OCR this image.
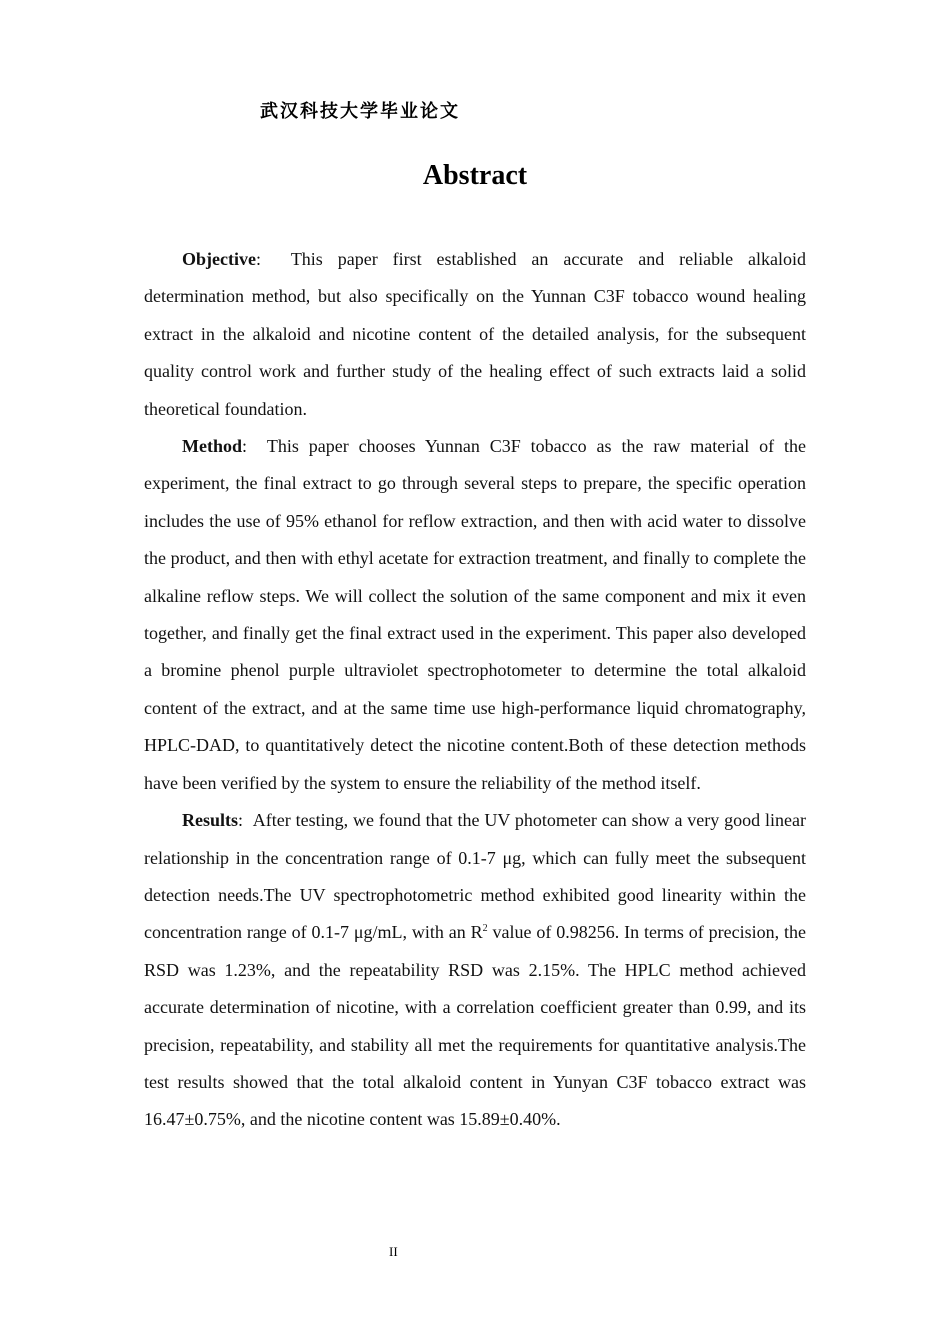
武汉科技大学毕业论文
Abstract

Objective:  This paper first established an accurate and reliable alkaloid determination method, but also specifically on the Yunnan C3F tobacco wound healing extract in the alkaloid and nicotine content of the detailed analysis, for the subsequent quality control work and further study of the healing effect of such extracts laid a solid theoretical foundation.

Method:  This paper chooses Yunnan C3F tobacco as the raw material of the experiment, the final extract to go through several steps to prepare, the specific operation includes the use of 95% ethanol for reflow extraction, and then with acid water to dissolve the product, and then with ethyl acetate for extraction treatment, and finally to complete the alkaline reflow steps. We will collect the solution of the same component and mix it even together, and finally get the final extract used in the experiment. This paper also developed a bromine phenol purple ultraviolet spectrophotometer to determine the total alkaloid content of the extract, and at the same time use high-performance liquid chromatography, HPLC-DAD, to quantitatively detect the nicotine content.Both of these detection methods have been verified by the system to ensure the reliability of the method itself.

Results:  After testing, we found that the UV photometer can show a very good linear relationship in the concentration range of 0.1-7 μg, which can fully meet the subsequent detection needs.The UV spectrophotometric method exhibited good linearity within the concentration range of 0.1-7 μg/mL, with an $R^2$ value of 0.98256. In terms of precision, the RSD was 1.23%, and the repeatability RSD was 2.15%. The HPLC method achieved accurate determination of nicotine, with a correlation coefficient greater than 0.99, and its precision, repeatability, and stability all met the requirements for quantitative analysis.The test results showed that the total alkaloid content in Yunyan C3F tobacco extract was 16.47±0.75%, and the nicotine content was 15.89±0.40%.

II
